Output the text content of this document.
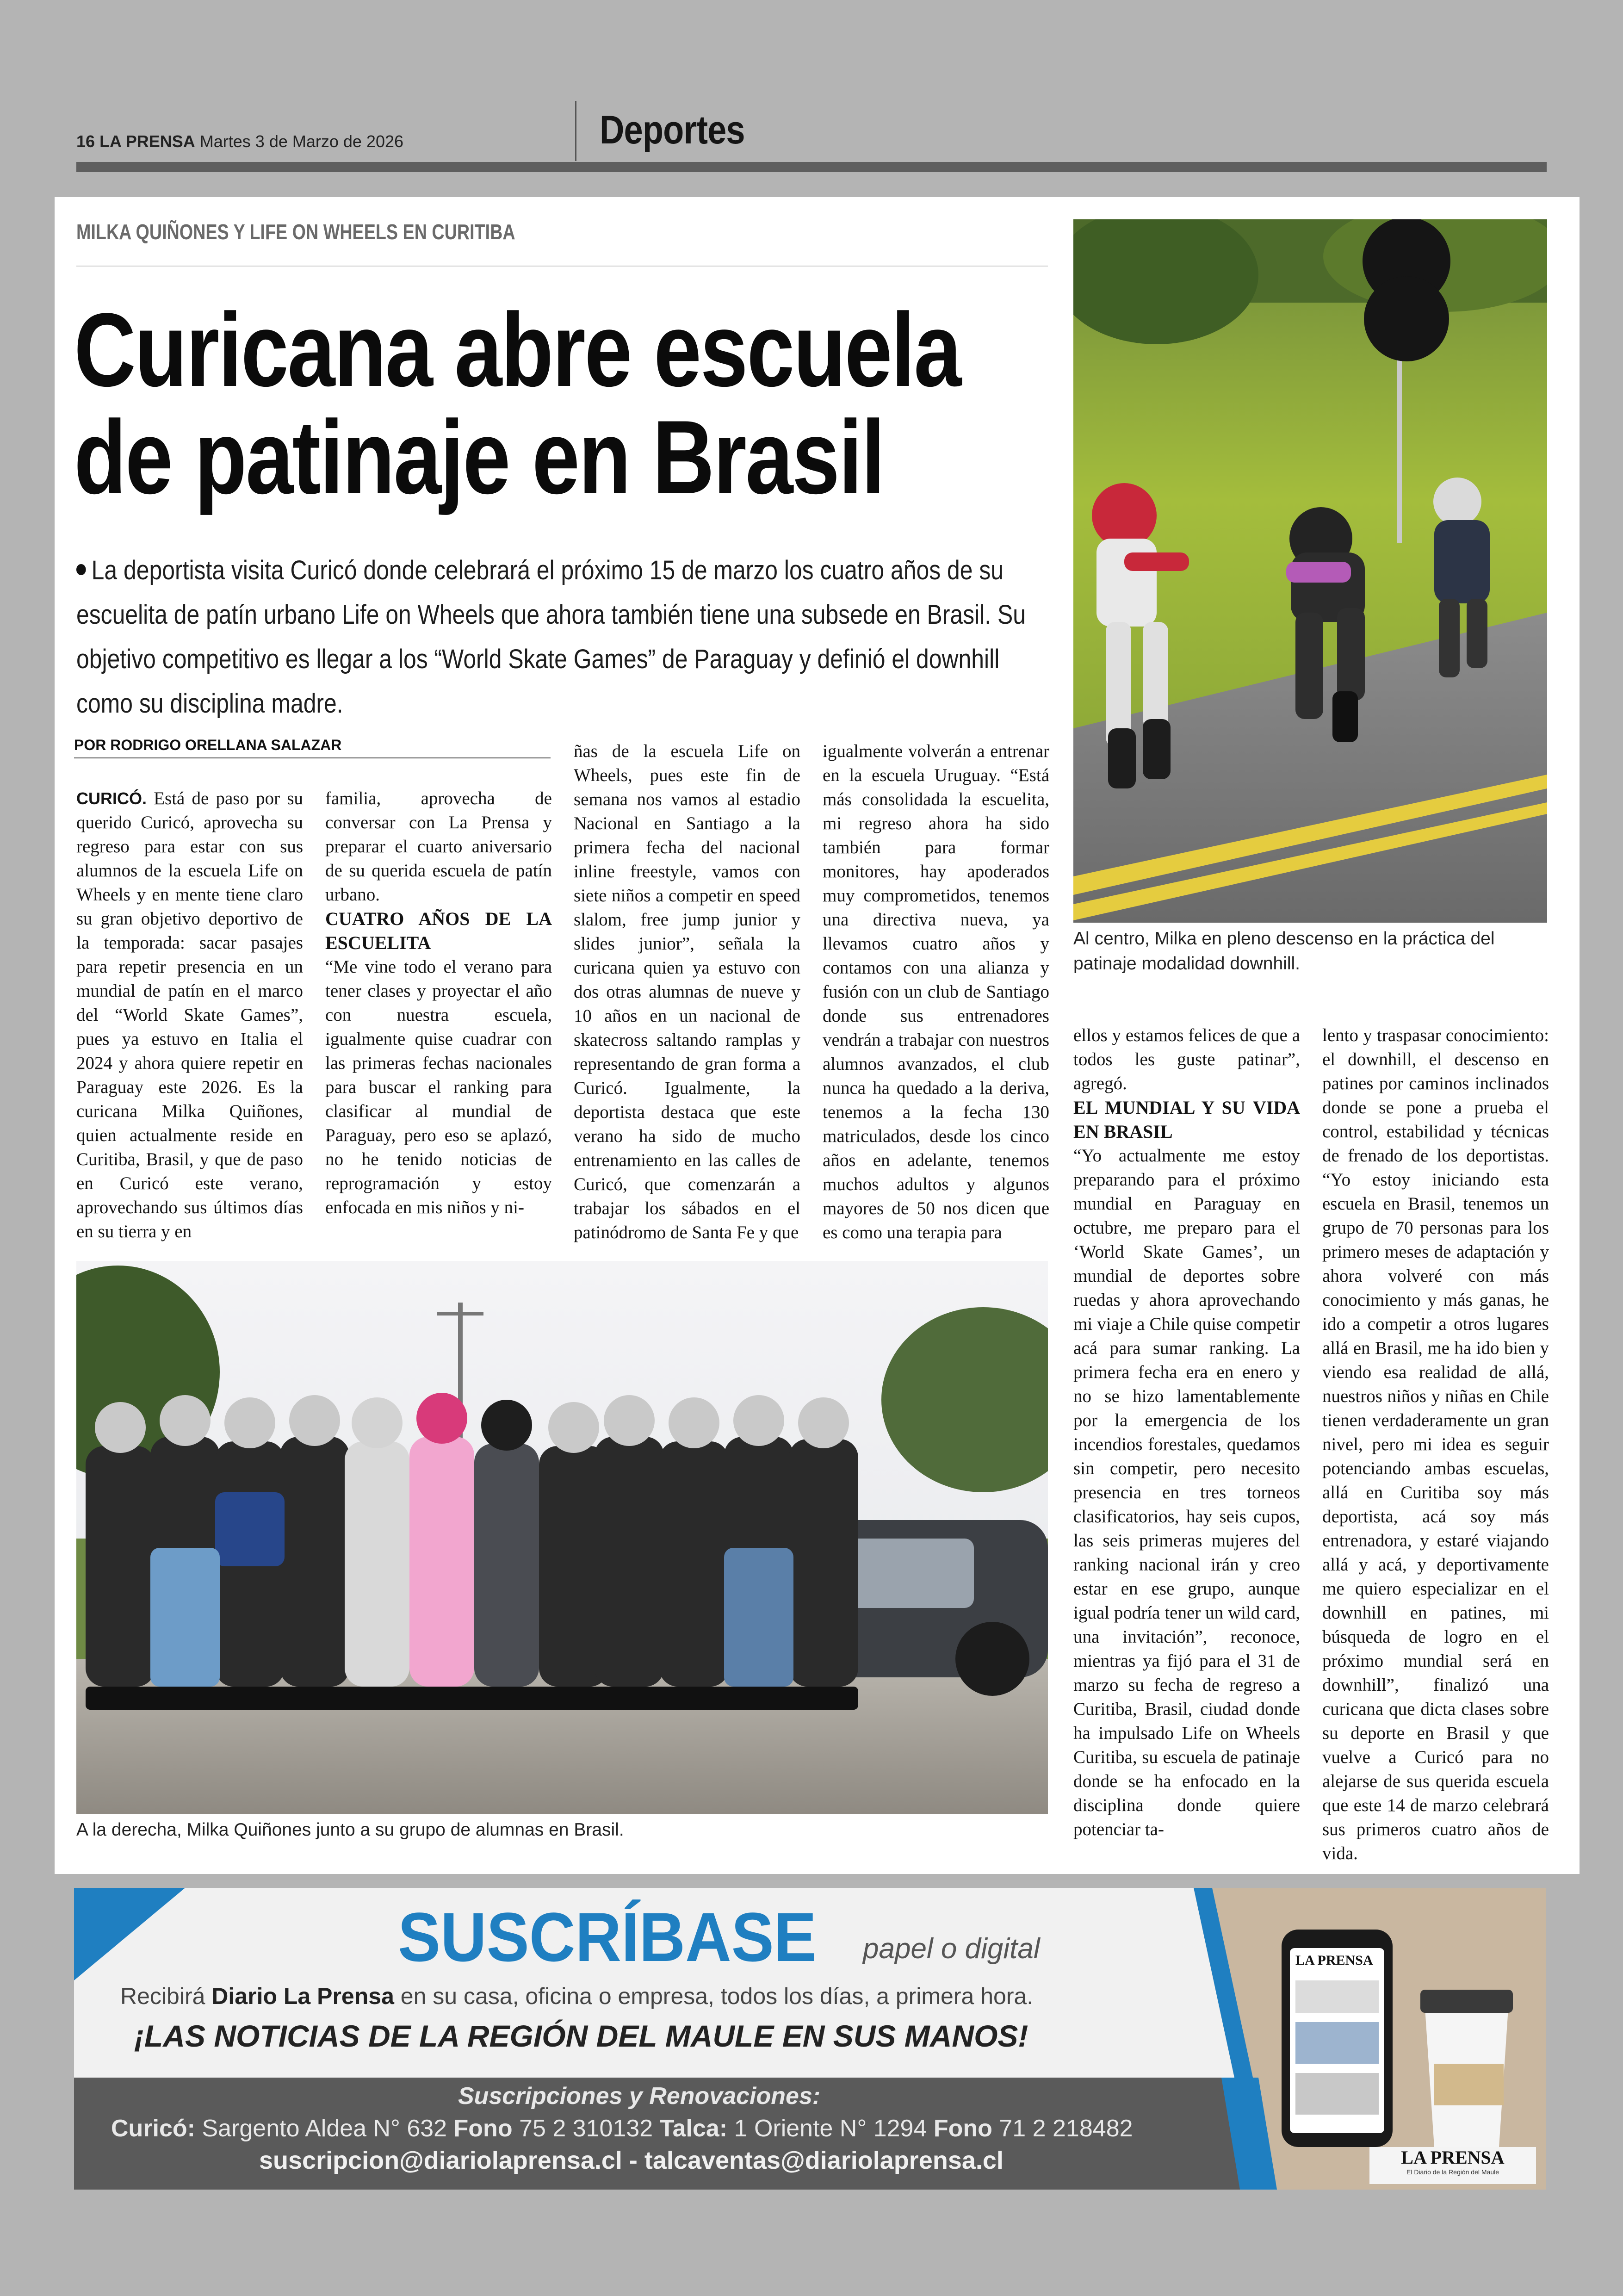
16 LA PRENSA Martes 3 de Marzo de 2026	Deportes
MILKA QUIÑONES Y LIFE ON WHEELS EN CURITIBA
Curicana abre escuela
de patinaje en Brasil

La deportista visita Curicó donde celebrará el próximo 15 de marzo los cuatro años de su escuelita de patín urbano Life on Wheels que ahora también tiene una subsede en Brasil. Su objetivo competitivo es llegar a los “World Skate Games” de Paraguay y definió el downhill como su disciplina madre.

POR RODRIGO ORELLANA SALAZAR

CURICÓ. Está de paso por su querido Curicó, aprovecha su regreso para estar con sus alumnos de la escuela Life on Wheels y en mente tiene claro su gran objetivo deportivo de la temporada: sacar pasajes para repetir presencia en un mundial de patín en el marco del “World Skate Games”, pues ya estuvo en Italia el 2024 y ahora quiere repetir en Paraguay este 2026. Es la curicana Milka Quiñones, quien actualmente reside en Curitiba, Brasil, y que de paso en Curicó este verano, aprovechando sus últimos días en su tierra y en

familia, aprovecha de conversar con La Prensa y preparar el cuarto aniversario de su querida escuela de patín urbano.

CUATRO AÑOS DE LA ESCUELITA

“Me vine todo el verano para tener clases y proyectar el año con nuestra escuela, igualmente quise cuadrar con las primeras fechas nacionales para buscar el ranking para clasificar al mundial de Paraguay, pero eso se aplazó, no he tenido noticias de reprogramación y estoy enfocada en mis niños y ni-

ñas de la escuela Life on Wheels, pues este fin de semana nos vamos al estadio Nacional en Santiago a la primera fecha del nacional inline freestyle, vamos con siete niños a competir en speed slalom, free jump junior y slides junior”, señala la curicana quien ya estuvo con dos otras alumnas de nueve y 10 años en un nacional de skatecross saltando ramplas y representando de gran forma a Curicó. Igualmente, la deportista destaca que este verano ha sido de mucho entrenamiento en las calles de Curicó, que comenzarán a trabajar los sábados en el patinódromo de Santa Fe y que

igualmente volverán a entrenar en la escuela Uruguay. “Está más consolidada la escuelita, mi regreso ahora ha sido también para formar monitores, hay apoderados muy comprometidos, tenemos una directiva nueva, ya llevamos cuatro años y contamos con una alianza y fusión con un club de Santiago donde sus entrenadores vendrán a trabajar con nuestros alumnos avanzados, el club nunca ha quedado a la deriva, tenemos a la fecha 130 matriculados, desde los cinco años en adelante, tenemos muchos adultos y algunos mayores de 50 nos dicen que es como una terapia para

Al centro, Milka en pleno descenso en la práctica del patinaje modalidad downhill.

ellos y estamos felices de que a todos les guste patinar”, agregó.

EL MUNDIAL Y SU VIDA EN BRASIL

“Yo actualmente me estoy preparando para el próximo mundial en Paraguay en octubre, me preparo para el ‘World Skate Games’, un mundial de deportes sobre ruedas y ahora aprovechando mi viaje a Chile quise competir acá para sumar ranking. La primera fecha era en enero y no se hizo lamentablemente por la emergencia de los incendios forestales, quedamos sin competir, pero necesito presencia en tres torneos clasificatorios, hay seis cupos, las seis primeras mujeres del ranking nacional irán y creo estar en ese grupo, aunque igual podría tener un wild card, una invitación”, reconoce, mientras ya fijó para el 31 de marzo su fecha de regreso a Curitiba, Brasil, ciudad donde ha impulsado Life on Wheels Curitiba, su escuela de patinaje donde se ha enfocado en la disciplina donde quiere potenciar ta-

lento y traspasar conocimiento: el downhill, el descenso en patines por caminos inclinados donde se pone a prueba el control, estabilidad y técnicas de frenado de los deportistas. “Yo estoy iniciando esta escuela en Brasil, tenemos un grupo de 70 personas para los primero meses de adaptación y ahora volveré con más conocimiento y más ganas, he ido a competir a otros lugares allá en Brasil, me ha ido bien y viendo esa realidad de allá, nuestros niños y niñas en Chile tienen verdaderamente un gran nivel, pero mi idea es seguir potenciando ambas escuelas, allá en Curitiba soy más deportista, acá soy más entrenadora, y estaré viajando allá y acá, y deportivamente me quiero especializar en el downhill en patines, mi búsqueda de logro en el próximo mundial será en downhill”, finalizó una curicana que dicta clases sobre su deporte en Brasil y que vuelve a Curicó para no alejarse de sus querida escuela que este 14 de marzo celebrará sus primeros cuatro años de vida.

A la derecha, Milka Quiñones junto a su grupo de alumnas en Brasil.
SUSCRÍBASE papel o digital
Recibirá Diario La Prensa en su casa, oficina o empresa, todos los días, a primera hora.
¡LAS NOTICIAS DE LA REGIÓN DEL MAULE EN SUS MANOS!
Suscripciones y Renovaciones:
Curicó: Sargento Aldea N° 632 Fono 75 2 310132 Talca: 1 Oriente N° 1294 Fono 71 2 218482
suscripcion@diariolaprensa.cl - talcaventas@diariolaprensa.cl
LA PRENSA
LA PRENSA
El Diario de la Región del Maule
